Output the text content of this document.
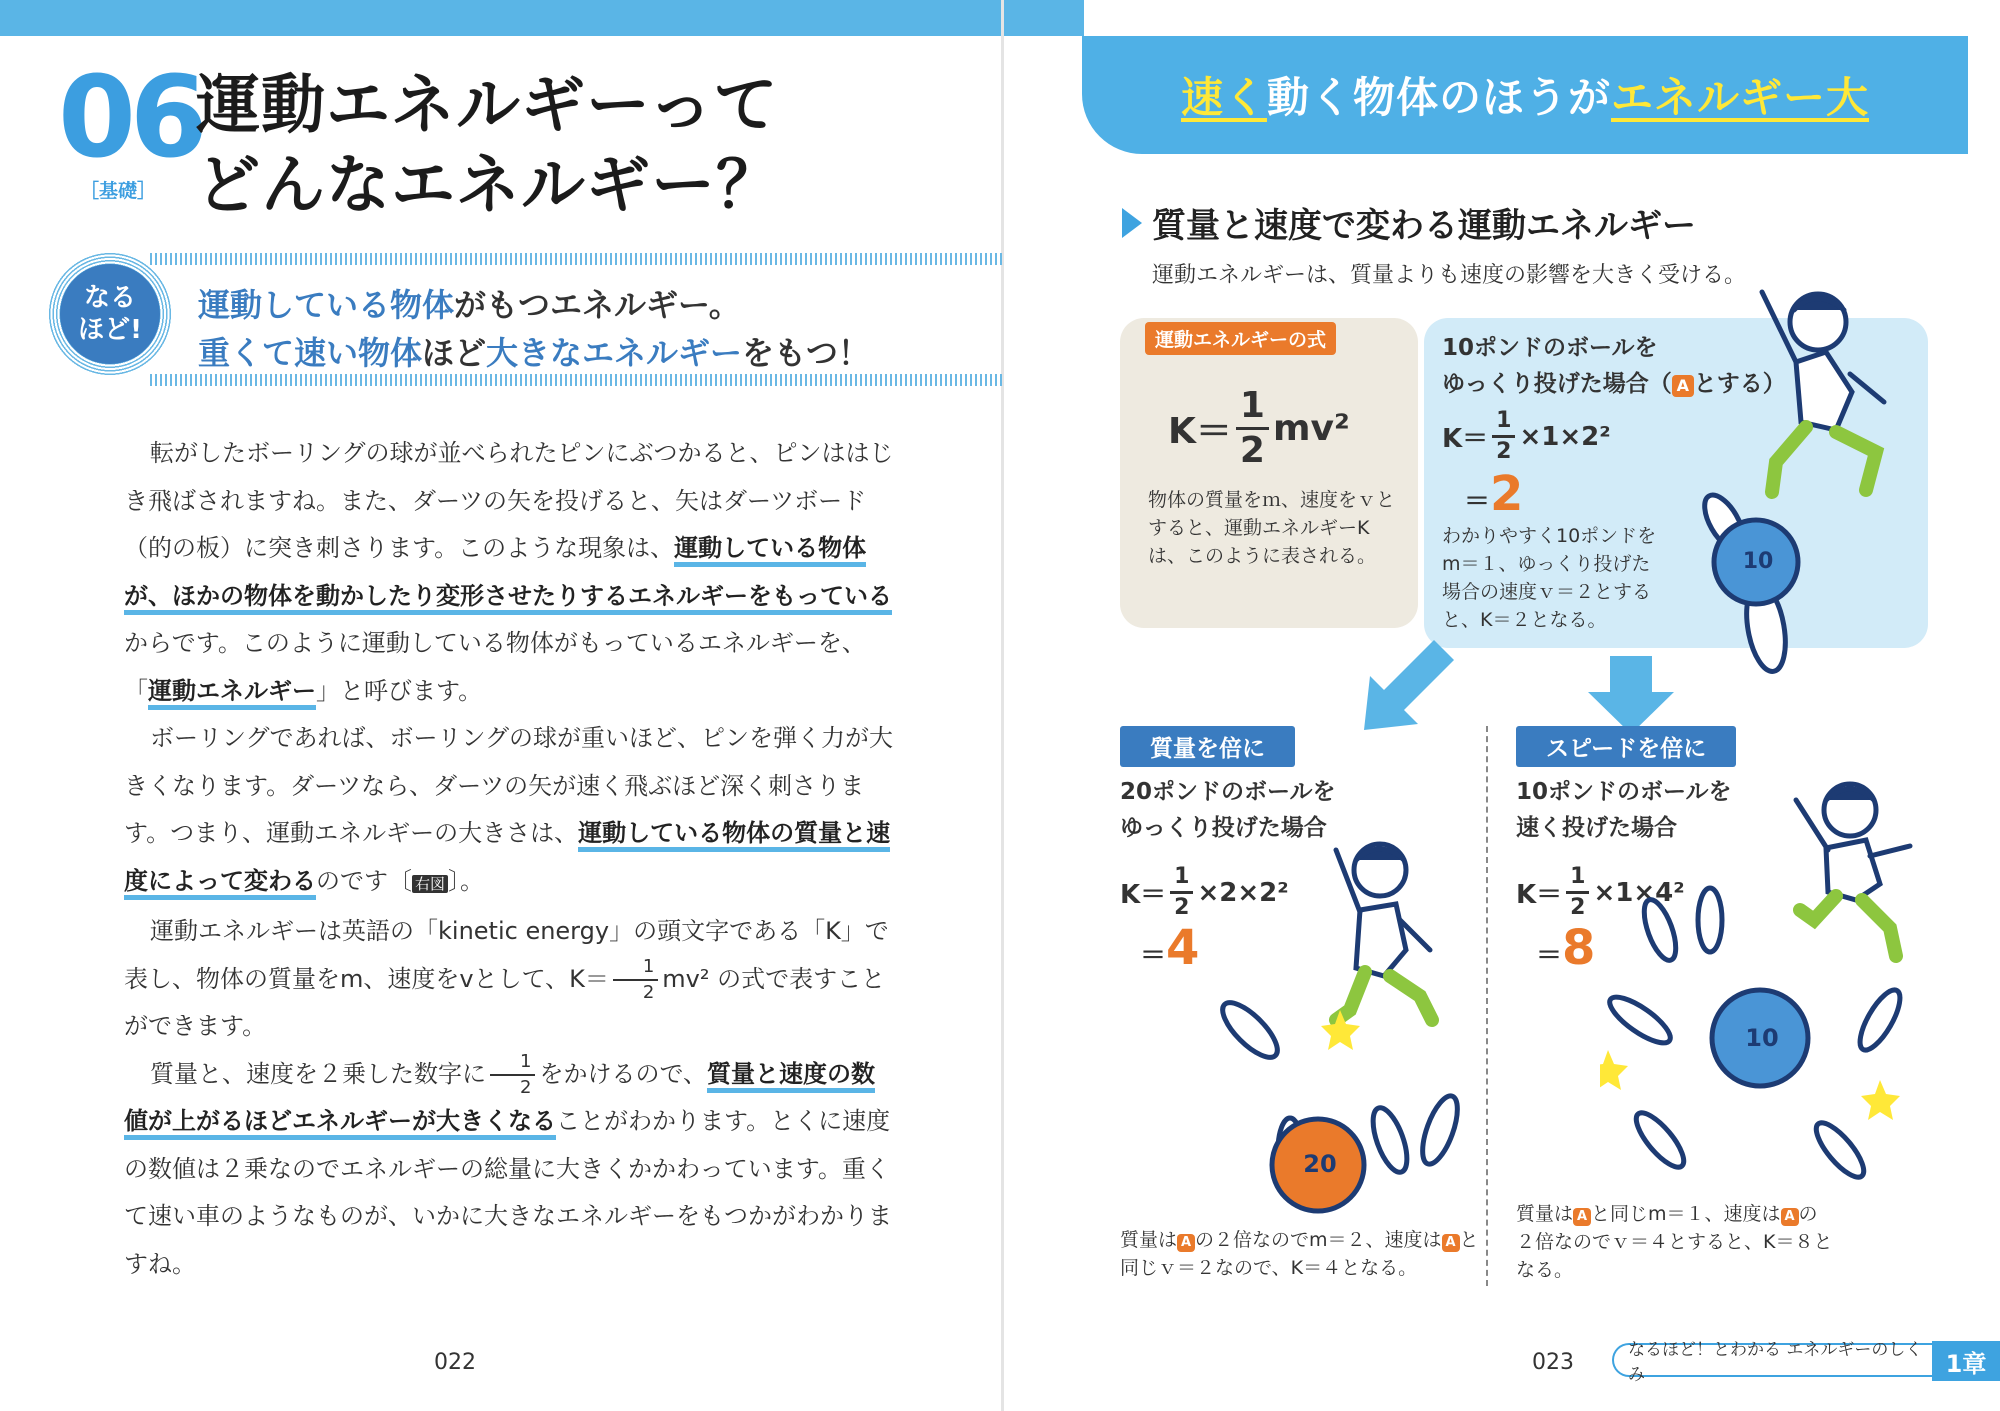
06
［基礎］
運動エネルギーって
どんなエネルギー？
なる
ほど!
運動している物体がもつエネルギー。
重くて速い物体ほど大きなエネルギーをもつ！

転がしたボーリングの球が並べられたピンにぶつかると、ピンははじき飛ばされますね。また、ダーツの矢を投げると、矢はダーツボード（的の板）に突き刺さります。このような現象は、運動している物体が、ほかの物体を動かしたり変形させたりするエネルギーをもっているからです。このように運動している物体がもっているエネルギーを、「運動エネルギー」と呼びます。

ボーリングであれば、ボーリングの球が重いほど、ピンを弾く力が大きくなります。ダーツなら、ダーツの矢が速く飛ぶほど深く刺さります。つまり、運動エネルギーの大きさは、運動している物体の質量と速度によって変わるのです〔 右図 〕。

運動エネルギーは英語の「kinetic energy」の頭文字である「K」で表し、物体の質量をm、速度をvとして、$K= \frac{1}{2} mv^2$ の式で表すことができます。

質量と、速度を２乗した数字に $\frac{1}{2}$ をかけるので、質量と速度の数値が上がるほどエネルギーが大きくなることがわかります。とくに速度の数値は２乗なのでエネルギーの総量に大きくかかわっています。重くて速い車のようなものが、いかに大きなエネルギーをもつかがわかりますね。

022
速く 動く物体のほうが エネルギー大
質量と速度で変わる運動エネルギー
運動エネルギーは、質量よりも速度の影響を大きく受ける。
運動エネルギーの式
$K= \frac{1}{2} mv^2$
物体の質量をｍ、速度をｖとすると、運動エネルギーKは、このように表される。
10ポンドのボールを
ゆっくり投げた場合（ A とする）
$K= \frac{1}{2} \times 1\times 2^2$
＝2
わかりやすく10ポンドをm＝１、ゆっくり投げた場合の速度ｖ＝２とすると、K＝２となる。
10
質量を倍に
20ポンドのボールを
ゆっくり投げた場合
$K= \frac{1}{2} \times 2\times 2^2$
＝4
20
質量は A の２倍なのでm＝２、速度は A と同じｖ＝２なので、K＝４となる。
スピードを倍に
10ポンドのボールを
速く投げた場合
$K= \frac{1}{2} \times 1\times 4^2$
＝8
10
質量は A と同じm＝１、速度は A の２倍なのでｖ＝４とすると、K＝８となる。
023	なるほど！とわかる エネルギーのしくみ	1章
